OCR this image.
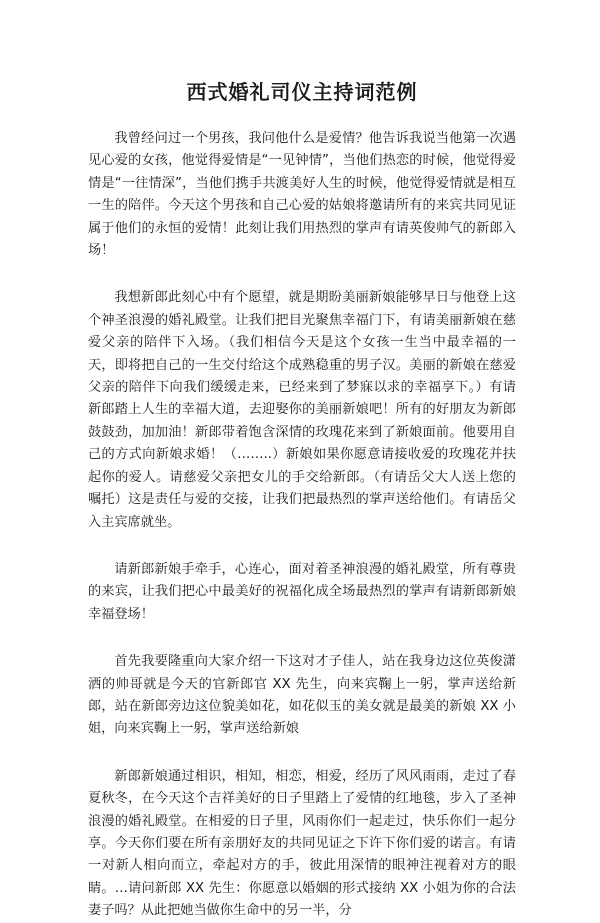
西式婚礼司仪主持词范例

我曾经问过一个男孩，我问他什么是爱情？他告诉我说当他第一次遇见心爱的女孩，他觉得爱情是“一见钟情”，当他们热恋的时候，他觉得爱情是“一往情深”，当他们携手共渡美好人生的时候，他觉得爱情就是相互一生的陪伴。今天这个男孩和自己心爱的姑娘将邀请所有的来宾共同见证属于他们的永恒的爱情！此刻让我们用热烈的掌声有请英俊帅气的新郎入场！

我想新郎此刻心中有个愿望，就是期盼美丽新娘能够早日与他登上这个神圣浪漫的婚礼殿堂。让我们把目光聚焦幸福门下，有请美丽新娘在慈爱父亲的陪伴下入场。（我们相信今天是这个女孩一生当中最幸福的一天，即将把自己的一生交付给这个成熟稳重的男子汉。美丽的新娘在慈爱父亲的陪伴下向我们缓缓走来，已经来到了梦寐以求的幸福享下。）有请新郎踏上人生的幸福大道，去迎娶你的美丽新娘吧！所有的好朋友为新郎鼓鼓劲，加加油！新郎带着饱含深情的玫瑰花来到了新娘面前。他要用自己的方式向新娘求婚！（……..）新娘如果你愿意请接收爱的玫瑰花并扶起你的爱人。请慈爱父亲把女儿的手交给新郎。（有请岳父大人送上您的嘱托）这是责任与爱的交接，让我们把最热烈的掌声送给他们。有请岳父入主宾席就坐。

请新郎新娘手牵手，心连心，面对着圣神浪漫的婚礼殿堂，所有尊贵的来宾，让我们把心中最美好的祝福化成全场最热烈的掌声有请新郎新娘幸福登场！

首先我要隆重向大家介绍一下这对才子佳人，站在我身边这位英俊潇洒的帅哥就是今天的官新郎官 XX 先生，向来宾鞠上一躬，掌声送给新郎，站在新郎旁边这位貌美如花，如花似玉的美女就是最美的新娘 XX 小姐，向来宾鞠上一躬，掌声送给新娘

新郎新娘通过相识，相知，相恋，相爱，经历了风风雨雨，走过了春夏秋冬，在今天这个吉祥美好的日子里踏上了爱情的红地毯，步入了圣神浪漫的婚礼殿堂。在相爱的日子里，风雨你们一起走过，快乐你们一起分享。今天你们要在所有亲朋好友的共同见证之下许下你们爱的诺言。有请一对新人相向而立，牵起对方的手，彼此用深情的眼神注视着对方的眼睛。…请问新郎 XX 先生：你愿意以婚姻的形式接纳 XX 小姐为你的合法妻子吗？从此把她当做你生命中的另一半，分
